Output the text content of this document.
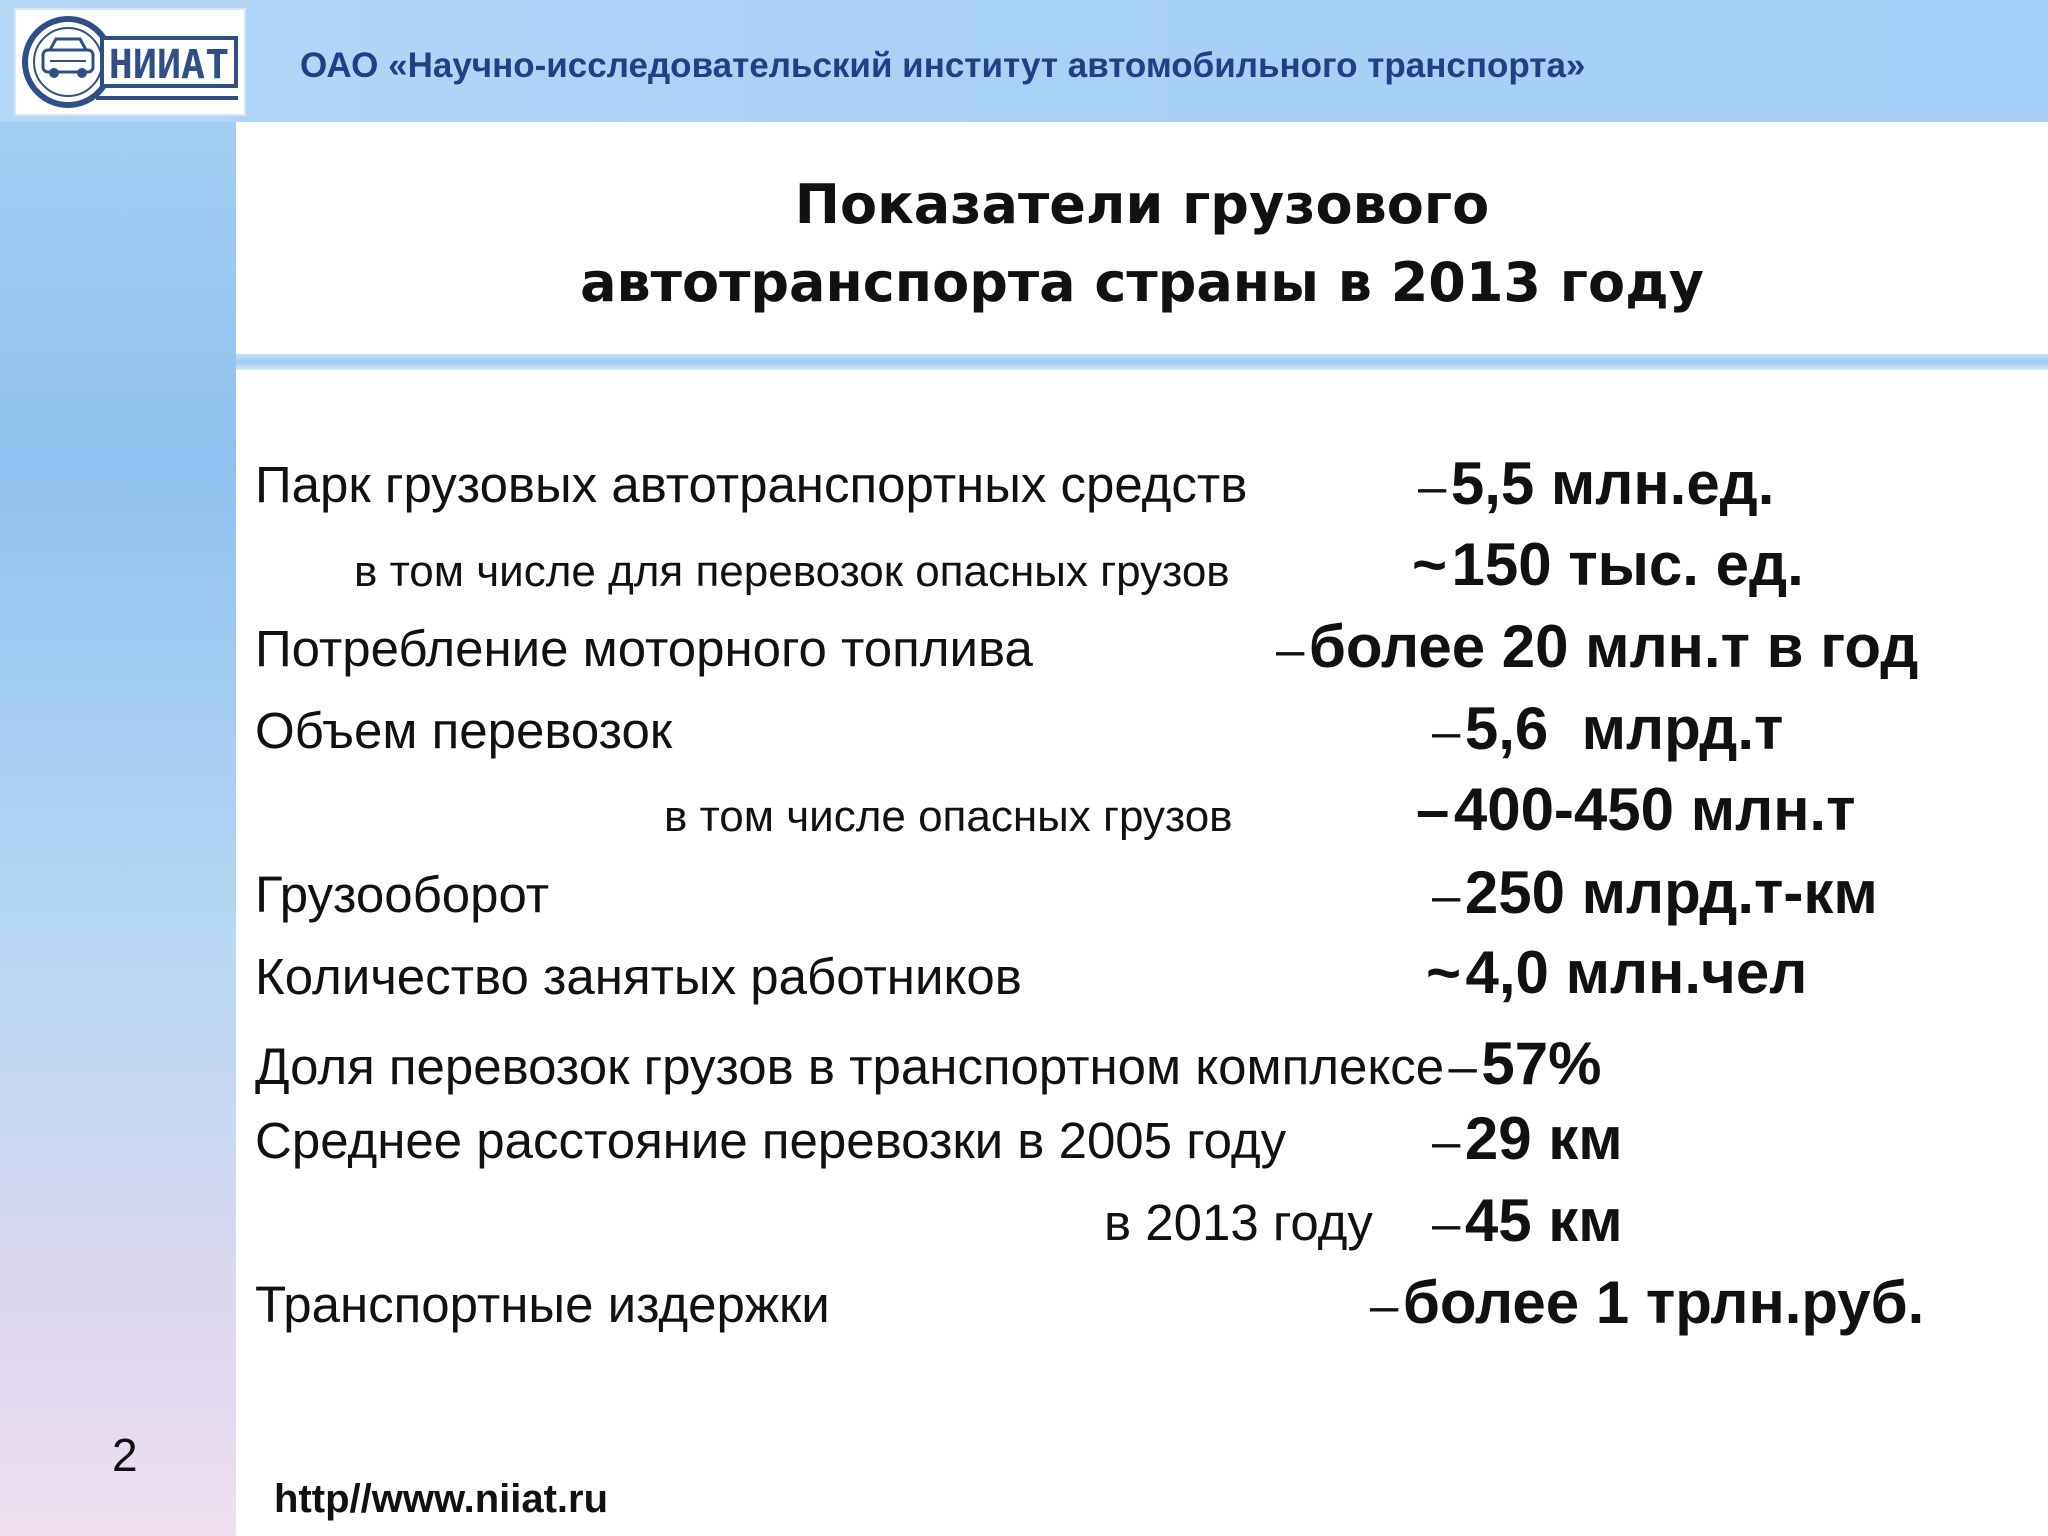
НИИАТ ОАО «Научно-исследовательский институт автомобильного транспорта»
Показатели грузового
автотранспорта страны в 2013 году
Парк грузовых автотранспортных средств	– 5,5 млн.ед.
в том числе для перевозок опасных грузов	~ 150 тыс. ед.
Потребление моторного топлива	– более 20 млн.т в год
Объем перевозок	– 5,6  млрд.т
в том числе опасных грузов	– 400-450 млн.т
Грузооборот	– 250 млрд.т-км
Количество занятых работников	~ 4,0 млн.чел
Доля перевозок грузов в транспортном комплексе – 57%
Среднее расстояние перевозки в 2005 году	– 29 км
в 2013 году – 45 км
Транспортные издержки	– более 1 трлн.руб.
2
http//www.niiat.ru
